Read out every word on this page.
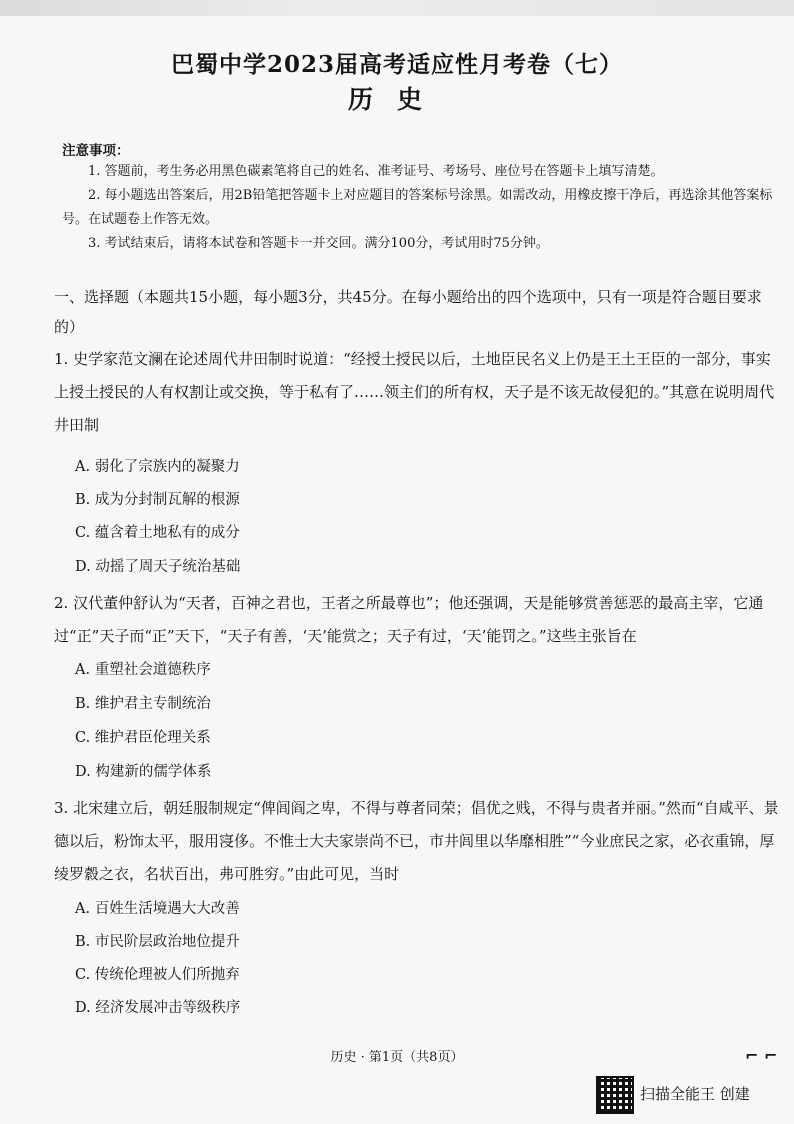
巴蜀中学2023届高考适应性月考卷（七）
历史
注意事项：

1. 答题前，考生务必用黑色碳素笔将自己的姓名、准考证号、考场号、座位号在答题卡上填写清楚。

2. 每小题选出答案后，用2B铅笔把答题卡上对应题目的答案标号涂黑。如需改动，用橡皮擦干净后，再选涂其他答案标号。在试题卷上作答无效。

3. 考试结束后，请将本试卷和答题卡一并交回。满分100分，考试用时75分钟。

一、选择题（本题共15小题，每小题3分，共45分。在每小题给出的四个选项中，只有一项是符合题目要求的）

1. 史学家范文澜在论述周代井田制时说道：“经授土授民以后，土地臣民名义上仍是王土王臣的一部分，事实上授土授民的人有权割让或交换，等于私有了……领主们的所有权，天子是不该无故侵犯的。”其意在说明周代井田制

A. 弱化了宗族内的凝聚力
B. 成为分封制瓦解的根源
C. 蕴含着土地私有的成分
D. 动摇了周天子统治基础

2. 汉代董仲舒认为“天者，百神之君也，王者之所最尊也”；他还强调，天是能够赏善惩恶的最高主宰，它通过“正”天子而“正”天下，“天子有善，‘天’能赏之；天子有过，‘天’能罚之。”这些主张旨在

A. 重塑社会道德秩序
B. 维护君主专制统治
C. 维护君臣伦理关系
D. 构建新的儒学体系

3. 北宋建立后，朝廷服制规定“俾闾阎之卑，不得与尊者同荣；倡优之贱，不得与贵者并丽。”然而“自咸平、景德以后，粉饰太平，服用寖侈。不惟士大夫家崇尚不已，市井闾里以华靡相胜”“今业庶民之家，必衣重锦，厚绫罗縠之衣，名状百出，弗可胜穷。”由此可见，当时

A. 百姓生活境遇大大改善
B. 市民阶层政治地位提升
C. 传统伦理被人们所抛弃
D. 经济发展冲击等级秩序
历史 · 第1页（共8页）	⌐ ⌐
扫描全能王 创建
